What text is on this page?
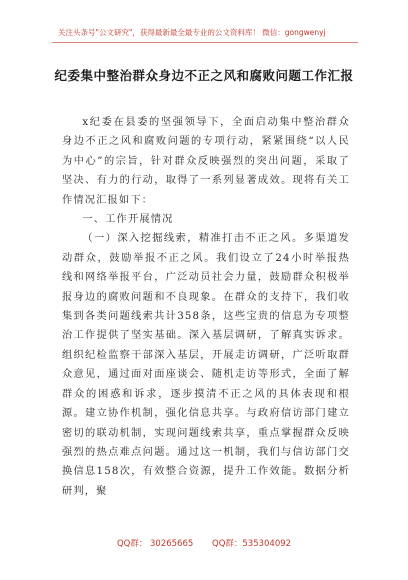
关注头条号"公文研究"，获得最新最全最专业的公文资料库！ 微信：gongwenyj
纪委集中整治群众身边不正之风和腐败问题工作汇报

x纪委在县委的坚强领导下，全面启动集中整治群众身边不正之风和腐败问题的专项行动，紧紧围绕“以人民为中心”的宗旨，针对群众反映强烈的突出问题，采取了坚决、有力的行动，取得了一系列显著成效。现将有关工作情况汇报如下：

一、工作开展情况

（一）深入挖掘线索，精准打击不正之风。多渠道发动群众，鼓励举报不正之风。我们设立了24小时举报热线和网络举报平台，广泛动员社会力量，鼓励群众积极举报身边的腐败问题和不良现象。在群众的支持下，我们收集到各类问题线索共计358条，这些宝贵的信息为专项整治工作提供了坚实基础。深入基层调研，了解真实诉求。组织纪检监察干部深入基层，开展走访调研，广泛听取群众意见，通过面对面座谈会、随机走访等形式，全面了解群众的困惑和诉求，逐步摸清不正之风的具体表现和根源。建立协作机制，强化信息共享。与政府信访部门建立密切的联动机制，实现问题线索共享，重点掌握群众反映强烈的热点难点问题。通过这一机制，我们与信访部门交换信息158次，有效整合资源，提升工作效能。数据分析研判，聚

QQ群： 30265665 QQ群：535304092
